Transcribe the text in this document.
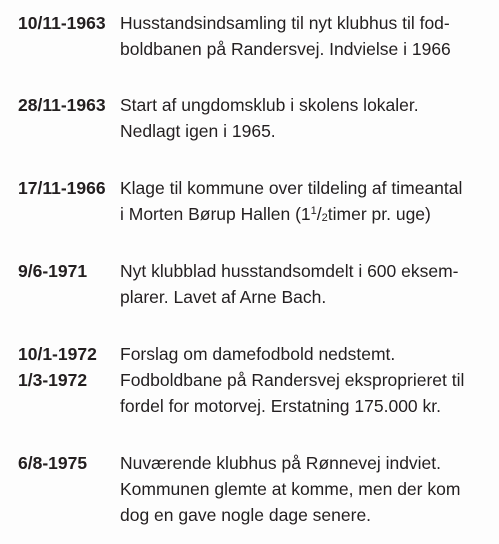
10/11-1963 Husstandsindsamling til nyt klubhus til fod-
boldbanen på Randersvej. Indvielse i 1966
28/11-1963 Start af ungdomsklub i skolens lokaler.
Nedlagt igen i 1965.
17/11-1966 Klage til kommune over tildeling af timeantal
i Morten Børup Hallen ($1^1/2timer$ pr. uge)
9/6-1971 Nyt klubblad husstandsomdelt i 600 eksem-
plarer. Lavet af Arne Bach.
10/1-1972 Forslag om damefodbold nedstemt.
1/3-1972 Fodboldbane på Randersvej eksproprieret til
fordel for motorvej. Erstatning 175.000 kr.
6/8-1975 Nuværende klubhus på Rønnevej indviet.
Kommunen glemte at komme, men der kom
dog en gave nogle dage senere.
